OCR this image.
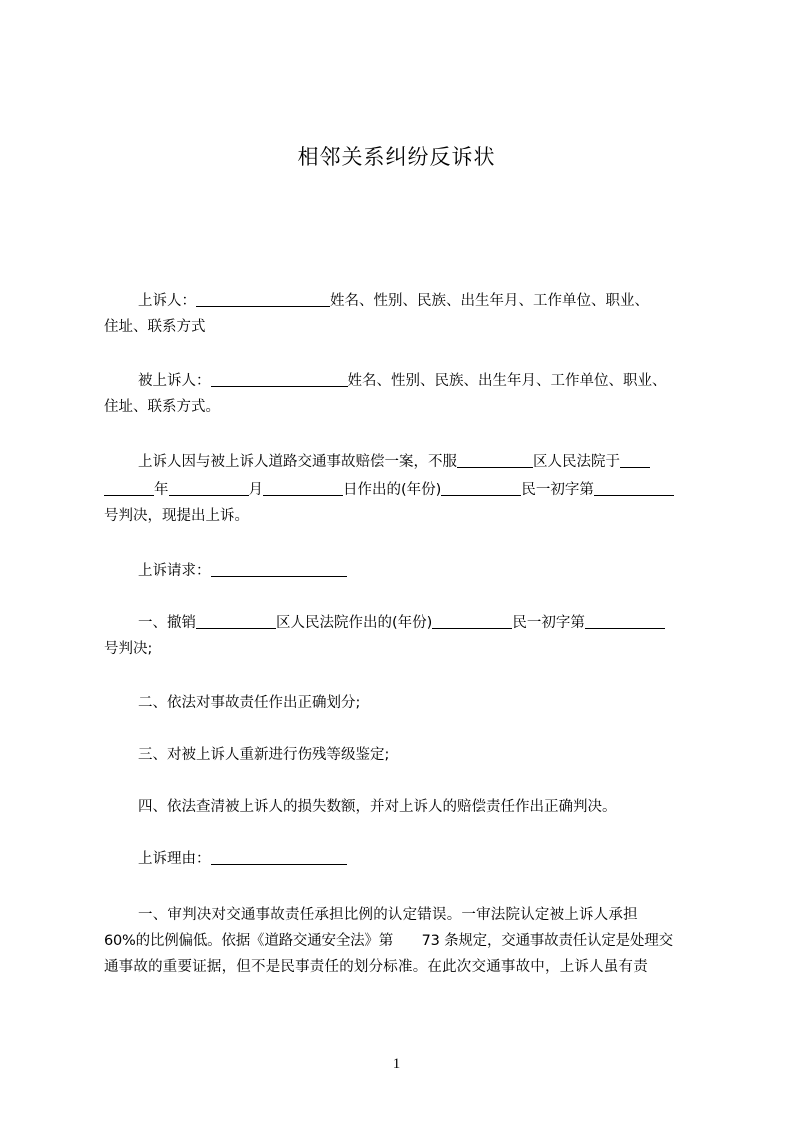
相邻关系纠纷反诉状
上诉人：	姓名、性别、民族、出生年月、工作单位、职业、
住址、联系方式
被上诉人：	姓名、性别、民族、出生年月、工作单位、职业、
住址、联系方式。
上诉人因与被上诉人道路交通事故赔偿一案，不服	区人民法院于
年	月	日作出的(年份)	民一初字第
号判决，现提出上诉。
上诉请求：
一、撤销	区人民法院作出的(年份)	民一初字第
号判决;
二、依法对事故责任作出正确划分;
三、对被上诉人重新进行伤残等级鉴定;
四、依法查清被上诉人的损失数额，并对上诉人的赔偿责任作出正确判决。
上诉理由：
一、审判决对交通事故责任承担比例的认定错误。一审法院认定被上诉人承担
60%的比例偏低。依据《道路交通安全法》第　　73 条规定，交通事故责任认定是处理交
通事故的重要证据，但不是民事责任的划分标准。在此次交通事故中，上诉人虽有责
1
